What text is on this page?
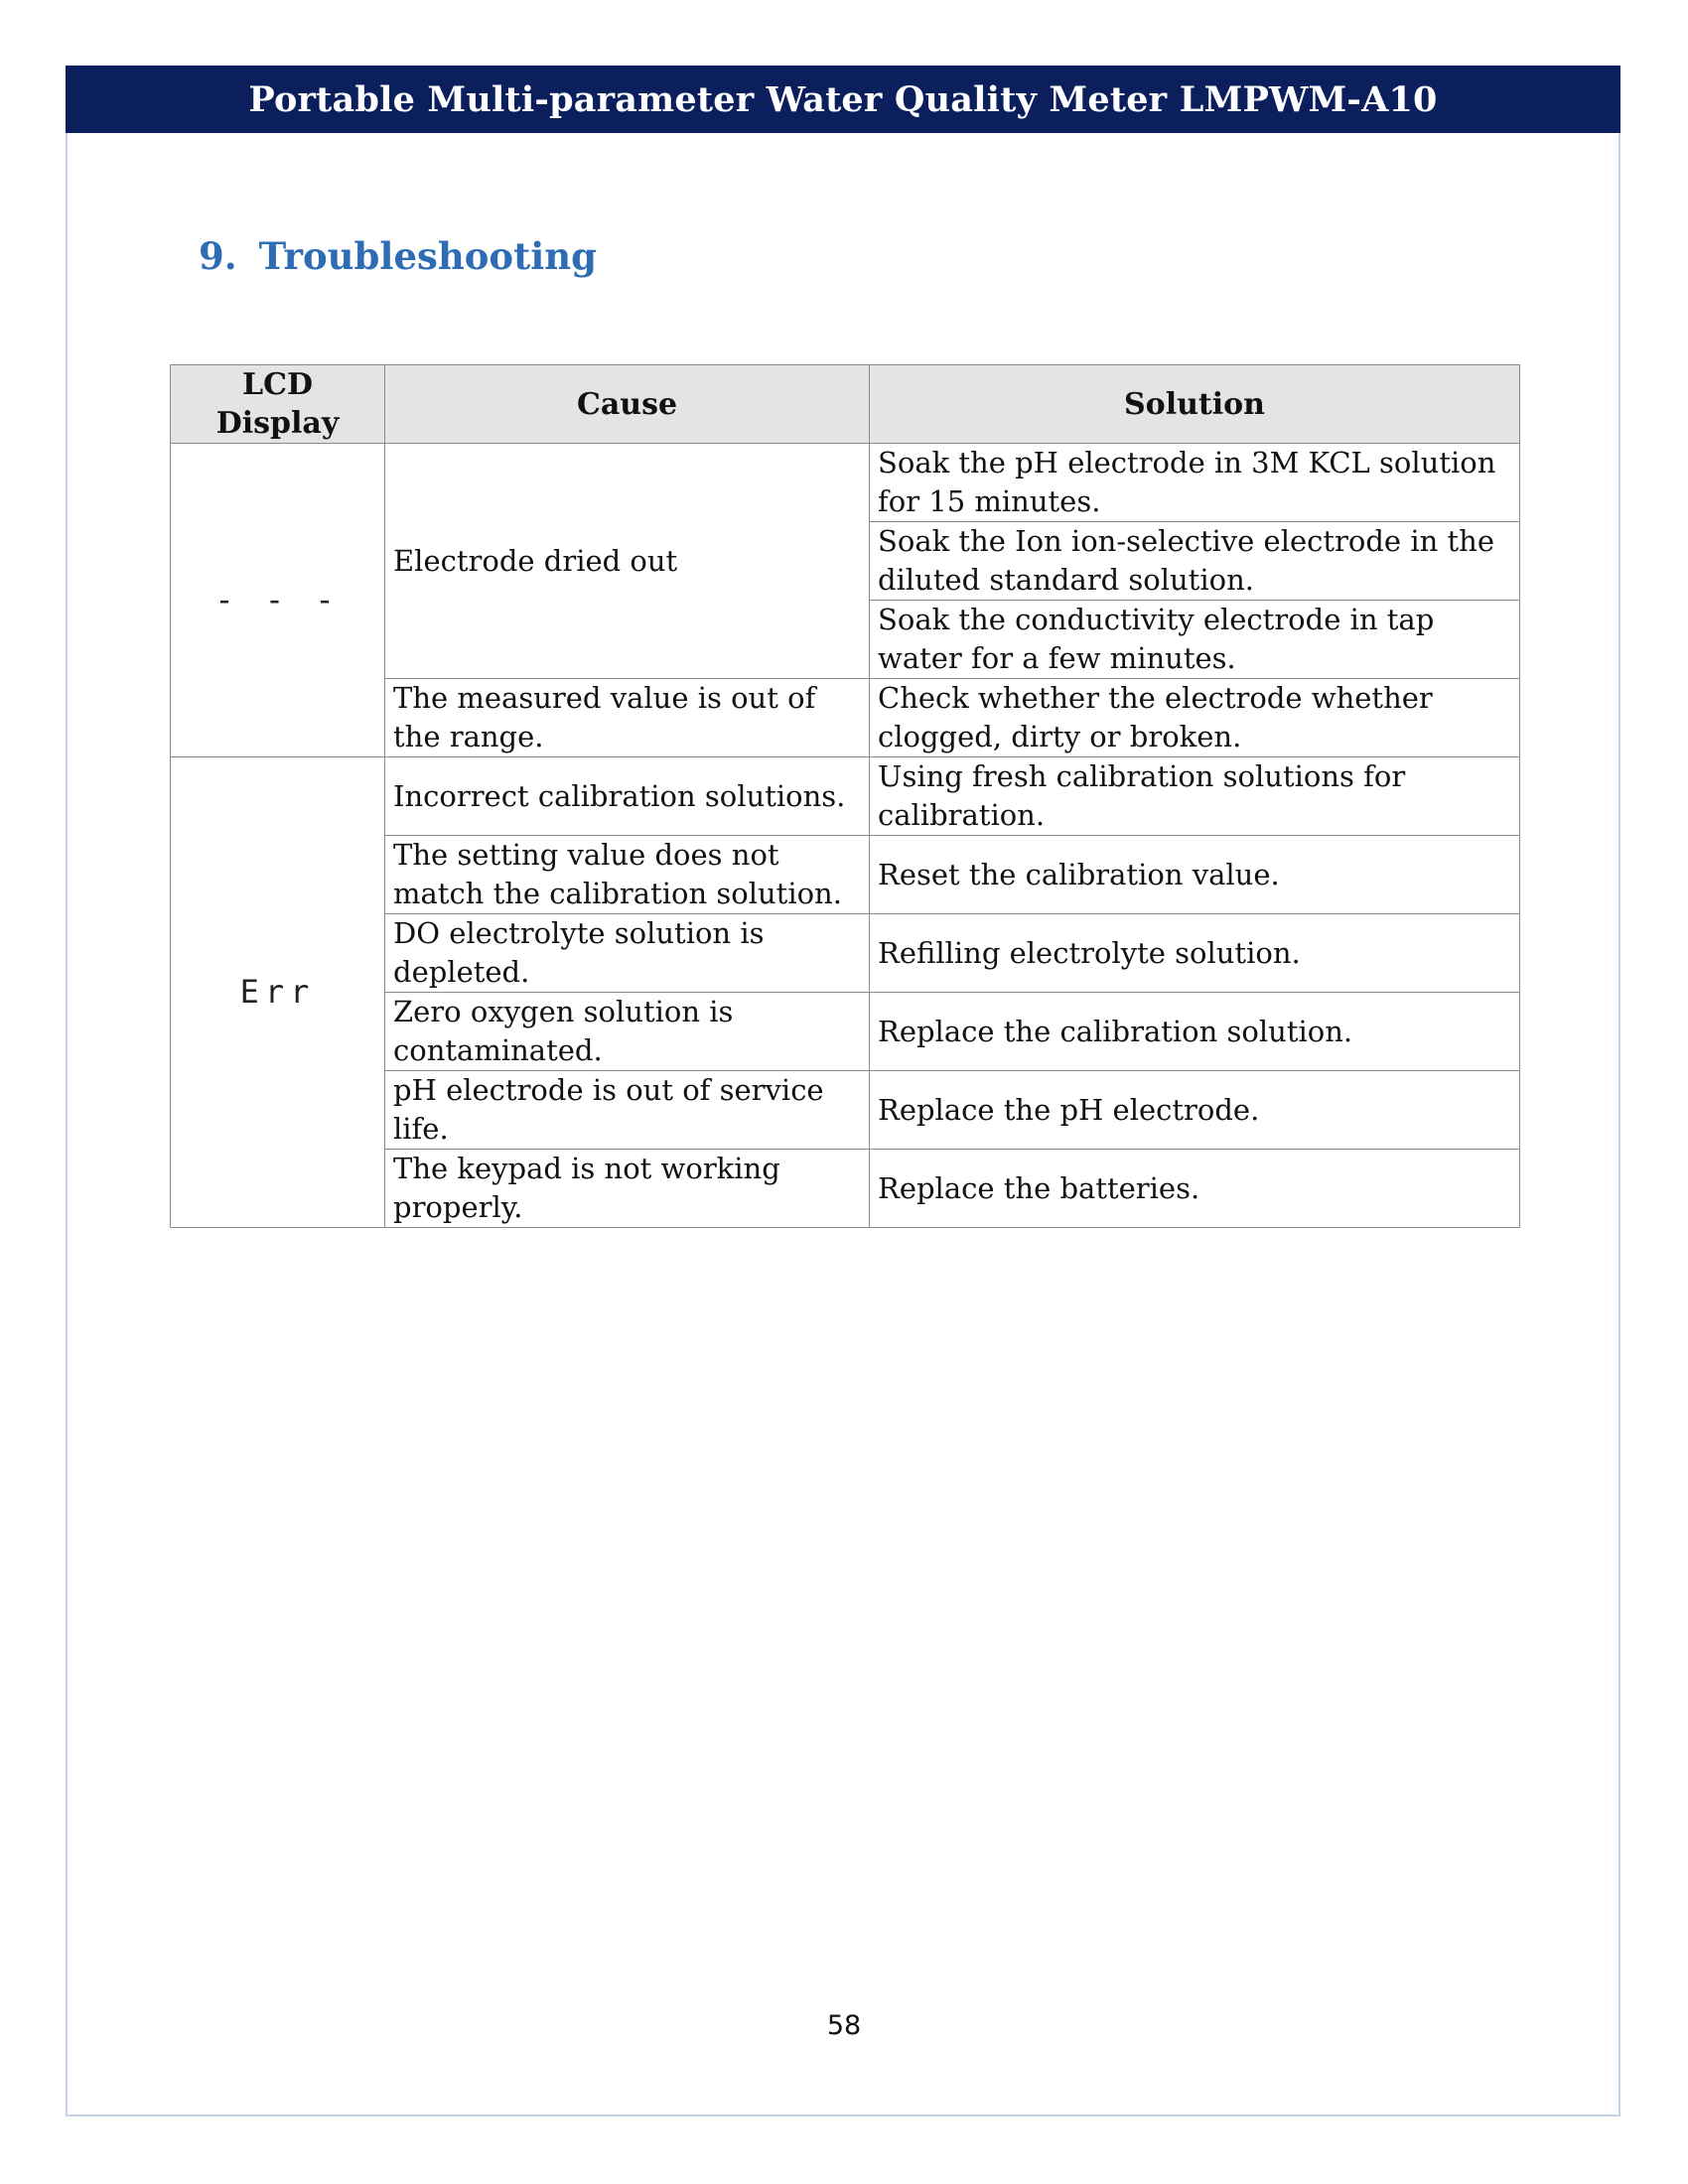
Portable Multi-parameter Water Quality Meter LMPWM-A10
9. Troubleshooting
LCD Display	Cause	Solution
- - -	Electrode dried out	Soak the pH electrode in 3M KCL solution for 15 minutes.
		Soak the Ion ion-selective electrode in the diluted standard solution.
		Soak the conductivity electrode in tap water for a few minutes.
	The measured value is out of the range.	Check whether the electrode whether clogged, dirty or broken.
Err	Incorrect calibration solutions.	Using fresh calibration solutions for calibration.
	The setting value does not match the calibration solution.	Reset the calibration value.
	DO electrolyte solution is depleted.	Refilling electrolyte solution.
	Zero oxygen solution is contaminated.	Replace the calibration solution.
	pH electrode is out of service life.	Replace the pH electrode.
	The keypad is not working properly.	Replace the batteries.
58
